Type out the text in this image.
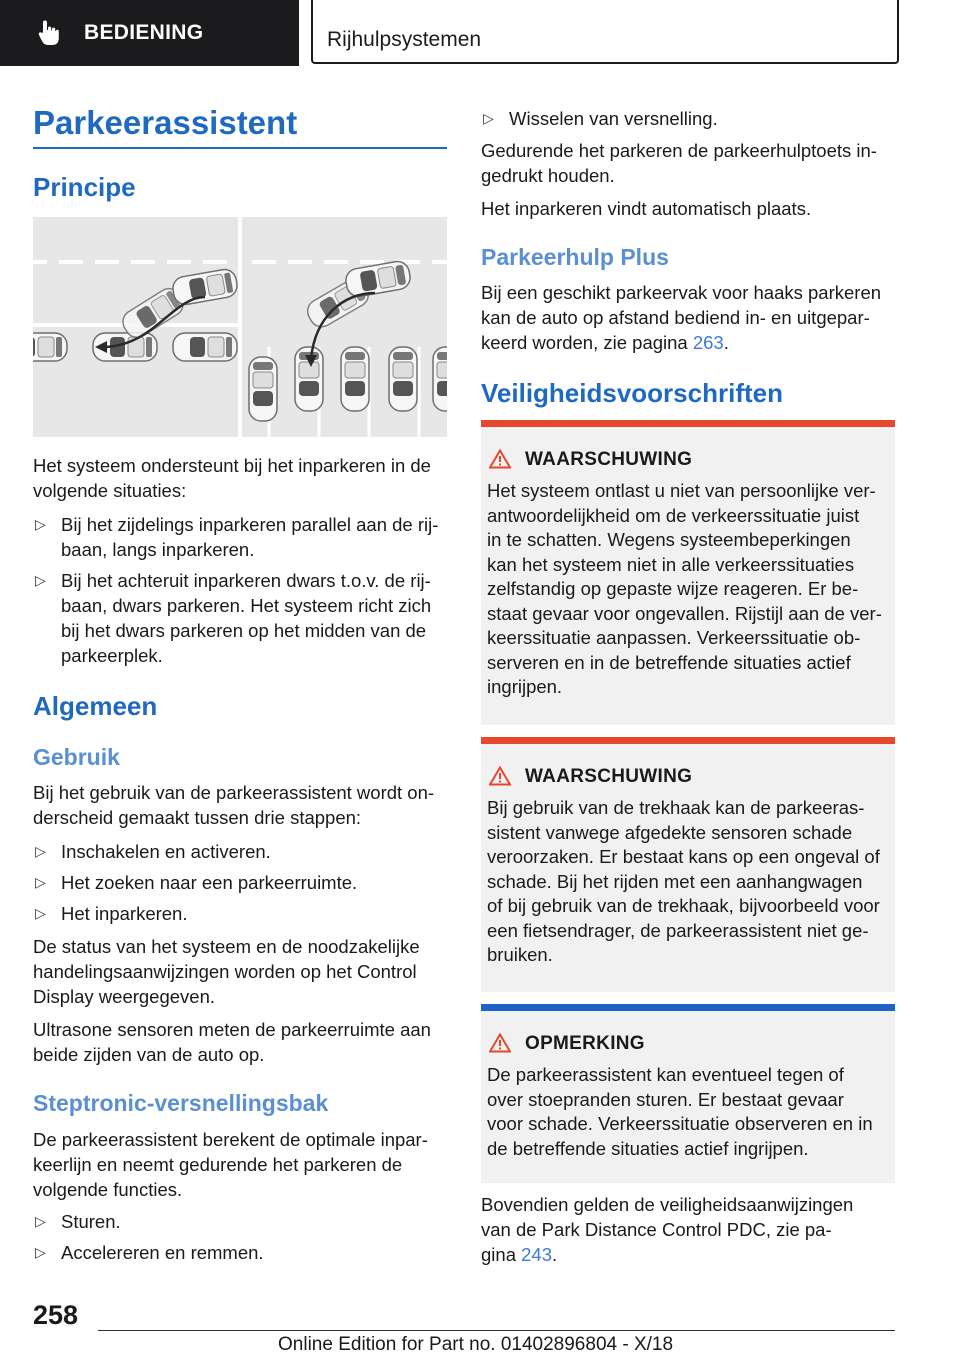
BEDIENING	Rijhulpsystemen
Parkeerassistent
Principe
Het systeem ondersteunt bij het inparkeren in de
volgende situaties:
▷ Bij het zijdelings inparkeren parallel aan de rij-
baan, langs inparkeren.
▷ Bij het achteruit inparkeren dwars t.o.v. de rij-
baan, dwars parkeren. Het systeem richt zich
bij het dwars parkeren op het midden van de
parkeerplek.
Algemeen
Gebruik
Bij het gebruik van de parkeerassistent wordt on-
derscheid gemaakt tussen drie stappen:
▷ Inschakelen en activeren.
▷ Het zoeken naar een parkeerruimte.
▷ Het inparkeren.
De status van het systeem en de noodzakelijke
handelingsaanwijzingen worden op het Control
Display weergegeven.
Ultrasone sensoren meten de parkeerruimte aan
beide zijden van de auto op.
Steptronic-versnellingsbak
De parkeerassistent berekent de optimale inpar-
keerlijn en neemt gedurende het parkeren de
volgende functies.
▷ Sturen.
▷ Accelereren en remmen.
▷ Wisselen van versnelling.
Gedurende het parkeren de parkeerhulptoets in-
gedrukt houden.
Het inparkeren vindt automatisch plaats.
Parkeerhulp Plus
Bij een geschikt parkeervak voor haaks parkeren
kan de auto op afstand bediend in- en uitgepar-
keerd worden, zie pagina 263.
Veiligheidsvoorschriften
WAARSCHUWING
Het systeem ontlast u niet van persoonlijke ver-
antwoordelijkheid om de verkeerssituatie juist
in te schatten. Wegens systeembeperkingen
kan het systeem niet in alle verkeerssituaties
zelfstandig op gepaste wijze reageren. Er be-
staat gevaar voor ongevallen. Rijstijl aan de ver-
keerssituatie aanpassen. Verkeerssituatie ob-
serveren en in de betreffende situaties actief
ingrijpen.
WAARSCHUWING
Bij gebruik van de trekhaak kan de parkeeras-
sistent vanwege afgedekte sensoren schade
veroorzaken. Er bestaat kans op een ongeval of
schade. Bij het rijden met een aanhangwagen
of bij gebruik van de trekhaak, bijvoorbeeld voor
een fietsendrager, de parkeerassistent niet ge-
bruiken.
OPMERKING
De parkeerassistent kan eventueel tegen of
over stoepranden sturen. Er bestaat gevaar
voor schade. Verkeerssituatie observeren en in
de betreffende situaties actief ingrijpen.
Bovendien gelden de veiligheidsaanwijzingen
van de Park Distance Control PDC, zie pa-
gina 243.
258
Online Edition for Part no. 01402896804 - X/18
